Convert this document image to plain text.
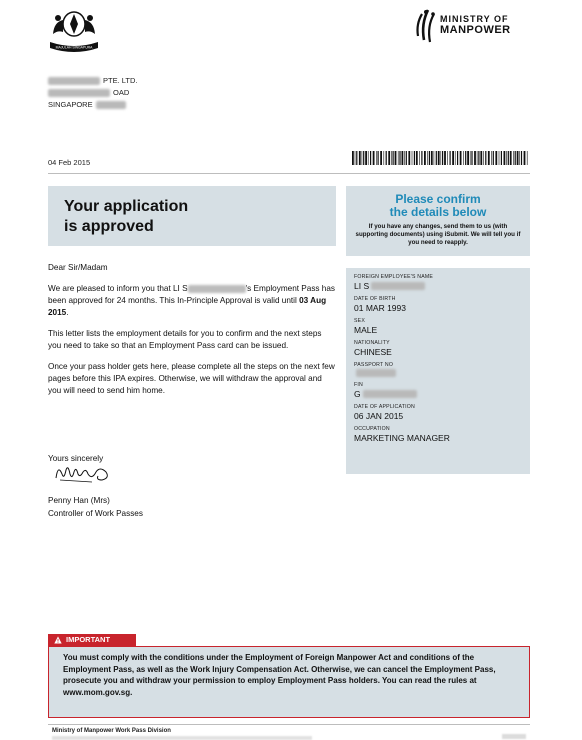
MAJULAH SINGAPURA
MINISTRY OF
MANPOWER
PTE. LTD.
OAD
SINGAPORE
04 Feb 2015
Your application
is approved
Please confirm
the details below
If you have any changes, send them to us (with supporting documents) using iSubmit. We will tell you if you need to reapply.
FOREIGN EMPLOYEE'S NAME
LI S
DATE OF BIRTH
01 MAR 1993
SEX
MALE
NATIONALITY
CHINESE
PASSPORT NO
FIN
G
DATE OF APPLICATION
06 JAN 2015
OCCUPATION
MARKETING MANAGER

Dear Sir/Madam

We are pleased to inform you that LI S	's Employment Pass has been approved for 24 months. This In-Principle Approval is valid until 03 Aug 2015.

This letter lists the employment details for you to confirm and the next steps you need to take so that an Employment Pass card can be issued.

Once your pass holder gets here, please complete all the steps on the next few pages before this IPA expires. Otherwise, we will withdraw the approval and you will need to send him home.

Yours sincerely
Penny Han (Mrs)
Controller of Work Passes
IMPORTANT
You must comply with the conditions under the Employment of Foreign Manpower Act and conditions of the Employment Pass, as well as the Work Injury Compensation Act. Otherwise, we can cancel the Employment Pass, prosecute you and withdraw your permission to employ Employment Pass holders. You can read the rules at www.mom.gov.sg.
Ministry of Manpower Work Pass Division
